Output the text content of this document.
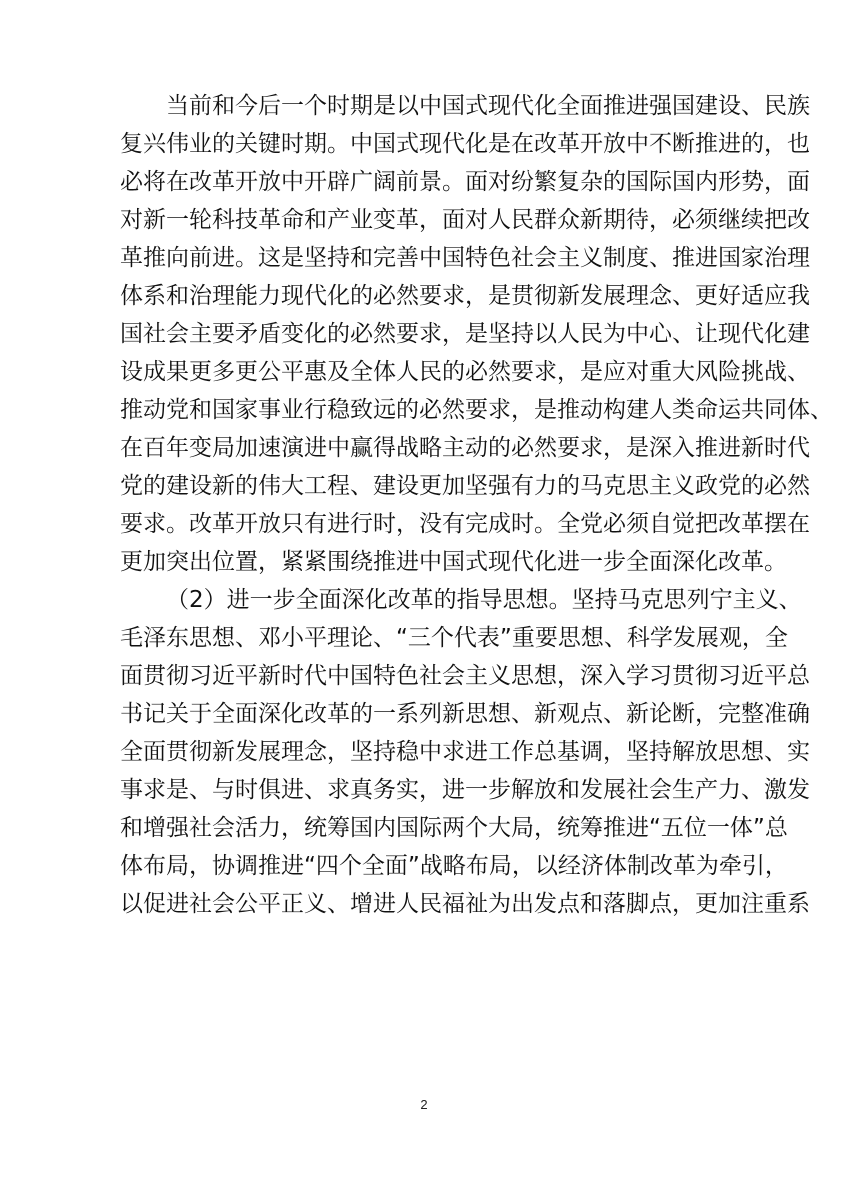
当前和今后一个时期是以中国式现代化全面推进强国建设、民族
复兴伟业的关键时期。中国式现代化是在改革开放中不断推进的，也
必将在改革开放中开辟广阔前景。面对纷繁复杂的国际国内形势，面
对新一轮科技革命和产业变革，面对人民群众新期待，必须继续把改
革推向前进。这是坚持和完善中国特色社会主义制度、推进国家治理
体系和治理能力现代化的必然要求，是贯彻新发展理念、更好适应我
国社会主要矛盾变化的必然要求，是坚持以人民为中心、让现代化建
设成果更多更公平惠及全体人民的必然要求，是应对重大风险挑战、
推动党和国家事业行稳致远的必然要求，是推动构建人类命运共同体、
在百年变局加速演进中赢得战略主动的必然要求，是深入推进新时代
党的建设新的伟大工程、建设更加坚强有力的马克思主义政党的必然
要求。改革开放只有进行时，没有完成时。全党必须自觉把改革摆在
更加突出位置，紧紧围绕推进中国式现代化进一步全面深化改革。
（2）进一步全面深化改革的指导思想。坚持马克思列宁主义、
毛泽东思想、邓小平理论、“三个代表”重要思想、科学发展观，全
面贯彻习近平新时代中国特色社会主义思想，深入学习贯彻习近平总
书记关于全面深化改革的一系列新思想、新观点、新论断，完整准确
全面贯彻新发展理念，坚持稳中求进工作总基调，坚持解放思想、实
事求是、与时俱进、求真务实，进一步解放和发展社会生产力、激发
和增强社会活力，统筹国内国际两个大局，统筹推进“五位一体”总
体布局，协调推进“四个全面”战略布局，以经济体制改革为牵引，
以促进社会公平正义、增进人民福祉为出发点和落脚点，更加注重系
2
